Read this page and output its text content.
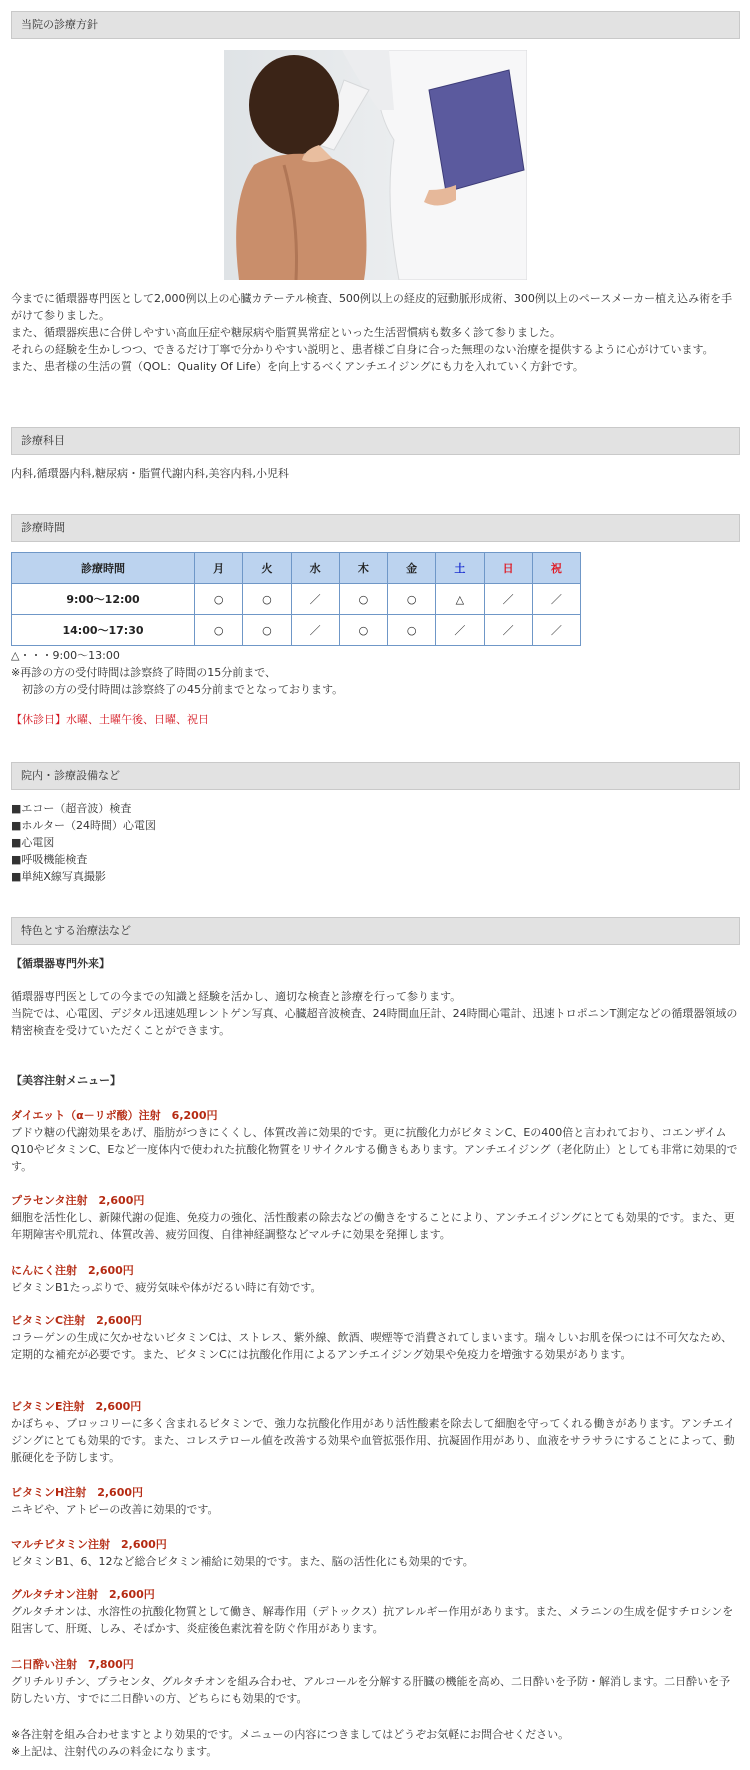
当院の診療方針

今までに循環器専門医として2,000例以上の心臓カテーテル検査、500例以上の経皮的冠動脈形成術、300例以上のペースメーカー植え込み術を手がけて参りました。

また、循環器疾患に合併しやすい高血圧症や糖尿病や脂質異常症といった生活習慣病も数多く診て参りました。

それらの経験を生かしつつ、できるだけ丁寧で分かりやすい説明と、患者様ご自身に合った無理のない治療を提供するように心がけています。

また、患者様の生活の質（QOL：Quality Of Life）を向上するべくアンチエイジングにも力を入れていく方針です。

診療科目
内科,循環器内科,糖尿病・脂質代謝内科,美容内科,小児科
診療時間
診療時間	月	火	水	木	金	土	日	祝
9:00～12:00	○	○	／	○	○	△	／	／
14:00～17:30	○	○	／	○	○	／	／	／

△・・・9:00～13:00

※再診の方の受付時間は診察終了時間の15分前まで、

　初診の方の受付時間は診察終了の45分前までとなっております。

【休診日】水曜、土曜午後、日曜、祝日
院内・診療設備など

■エコー（超音波）検査

■ホルター（24時間）心電図

■心電図

■呼吸機能検査

■単純X線写真撮影

特色とする治療法など
【循環器専門外来】

循環器専門医としての今までの知識と経験を活かし、適切な検査と診療を行って参ります。

当院では、心電図、デジタル迅速処理レントゲン写真、心臓超音波検査、24時間血圧計、24時間心電計、迅速トロポニンT測定などの循環器領域の精密検査を受けていただくことができます。

【美容注射メニュー】

ダイエット（α－リポ酸）注射　6,200円

ブドウ糖の代謝効果をあげ、脂肪がつきにくくし、体質改善に効果的です。更に抗酸化力がビタミンC、Eの400倍と言われており、コエンザイムQ10やビタミンC、Eなど一度体内で使われた抗酸化物質をリサイクルする働きもあります。アンチエイジング（老化防止）としても非常に効果的です。

プラセンタ注射　2,600円

細胞を活性化し、新陳代謝の促進、免疫力の強化、活性酸素の除去などの働きをすることにより、アンチエイジングにとても効果的です。また、更年期障害や肌荒れ、体質改善、疲労回復、自律神経調整などマルチに効果を発揮します。

にんにく注射　2,600円

ビタミンB1たっぷりで、疲労気味や体がだるい時に有効です。

ビタミンC注射　2,600円

コラーゲンの生成に欠かせないビタミンCは、ストレス、紫外線、飲酒、喫煙等で消費されてしまいます。瑞々しいお肌を保つには不可欠なため、定期的な補充が必要です。また、ビタミンCには抗酸化作用によるアンチエイジング効果や免疫力を増強する効果があります。

ビタミンE注射　2,600円

かぼちゃ、ブロッコリーに多く含まれるビタミンで、強力な抗酸化作用があり活性酸素を除去して細胞を守ってくれる働きがあります。アンチエイジングにとても効果的です。また、コレステロール値を改善する効果や血管拡張作用、抗凝固作用があり、血液をサラサラにすることによって、動脈硬化を予防します。

ビタミンH注射　2,600円

ニキビや、アトピーの改善に効果的です。

マルチビタミン注射　2,600円

ビタミンB1、6、12など総合ビタミン補給に効果的です。また、脳の活性化にも効果的です。

グルタチオン注射　2,600円

グルタチオンは、水溶性の抗酸化物質として働き、解毒作用（デトックス）抗アレルギー作用があります。また、メラニンの生成を促すチロシンを阻害して、肝斑、しみ、そばかす、炎症後色素沈着を防ぐ作用があります。

二日酔い注射　7,800円

グリチルリチン、プラセンタ、グルタチオンを組み合わせ、アルコールを分解する肝臓の機能を高め、二日酔いを予防・解消します。二日酔いを予防したい方、すでに二日酔いの方、どちらにも効果的です。

※各注射を組み合わせますとより効果的です。メニューの内容につきましてはどうぞお気軽にお問合せください。

※上記は、注射代のみの料金になります。
